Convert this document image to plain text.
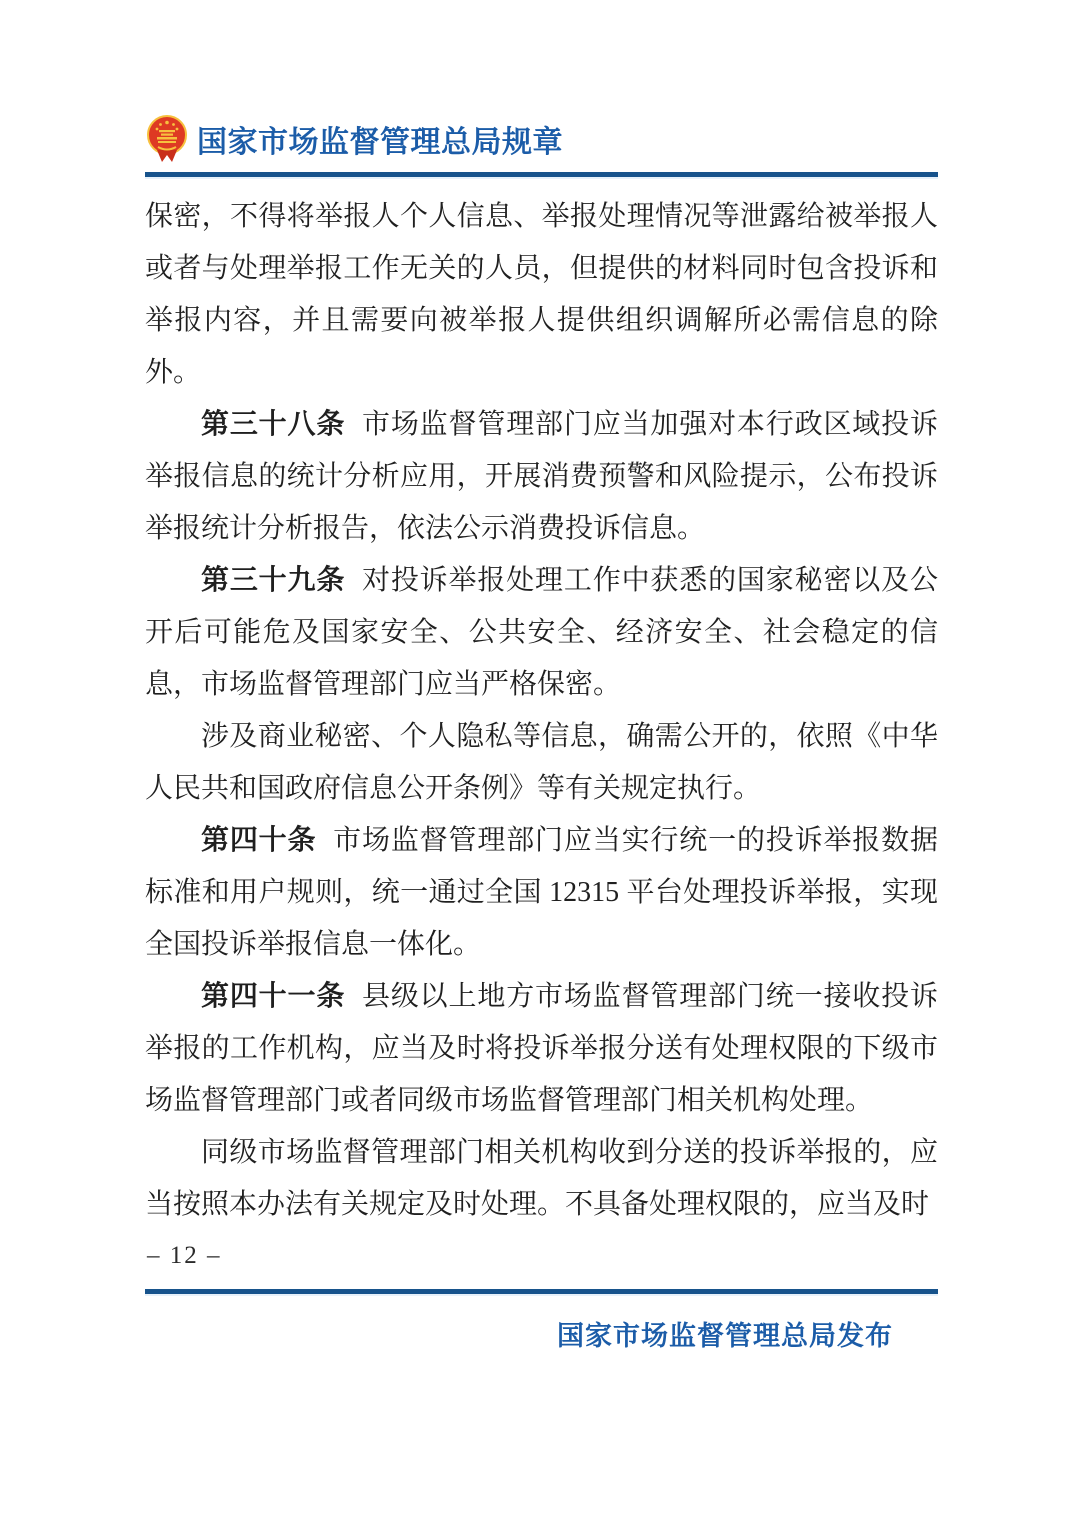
国家市场监督管理总局规章

保密，不得将举报人个人信息、举报处理情况等泄露给被举报人或者与处理举报工作无关的人员，但提供的材料同时包含投诉和举报内容，并且需要向被举报人提供组织调解所必需信息的除外。

第三十八条 市场监督管理部门应当加强对本行政区域投诉举报信息的统计分析应用，开展消费预警和风险提示，公布投诉举报统计分析报告，依法公示消费投诉信息。

第三十九条 对投诉举报处理工作中获悉的国家秘密以及公开后可能危及国家安全、公共安全、经济安全、社会稳定的信息，市场监督管理部门应当严格保密。

涉及商业秘密、个人隐私等信息，确需公开的，依照《中华人民共和国政府信息公开条例》等有关规定执行。

第四十条 市场监督管理部门应当实行统一的投诉举报数据标准和用户规则，统一通过全国 12315 平台处理投诉举报，实现全国投诉举报信息一体化。

第四十一条 县级以上地方市场监督管理部门统一接收投诉举报的工作机构，应当及时将投诉举报分送有处理权限的下级市场监督管理部门或者同级市场监督管理部门相关机构处理。

同级市场监督管理部门相关机构收到分送的投诉举报的，应当按照本办法有关规定及时处理。不具备处理权限的，应当及时

– 12 –
国家市场监督管理总局发布
